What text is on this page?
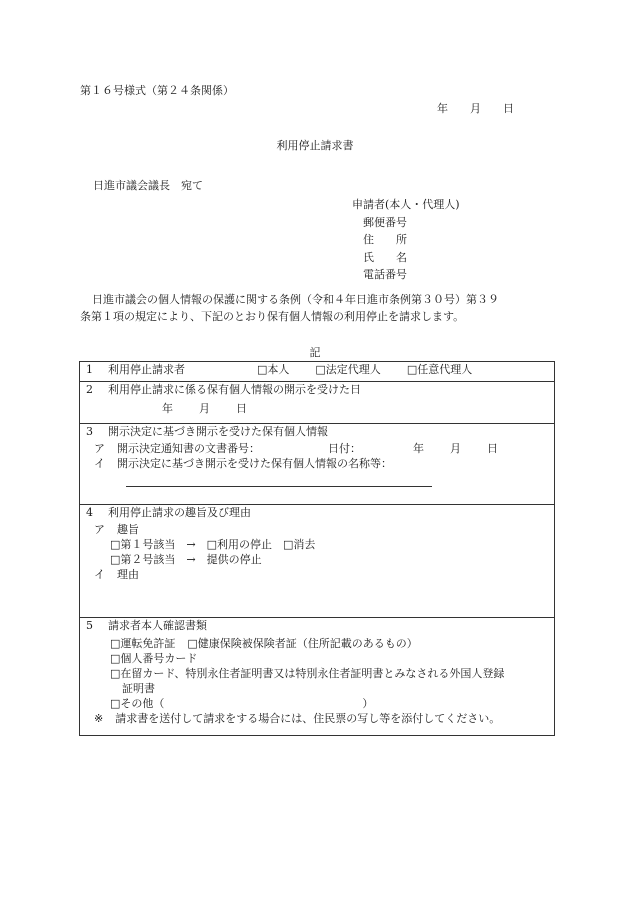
第１６号様式（第２４条関係）
年 月 日
利用停止請求書
日進市議会議長　宛て
申請者(本人・代理人)
郵便番号
住　　所
氏　　名
電話番号

日進市議会の個人情報の保護に関する条例（令和４年日進市条例第３０号）第３９

条第１項の規定により、下記のとおり保有個人情報の利用停止を請求します。
記
1 利用停止請求者	□本人 □法定代理人 □任意代理人

2 利用停止請求に係る保有個人情報の開示を受けた日
年 月 日

3 開示決定に基づき開示を受けた保有個人情報
ア 開示決定通知書の文書番号：	日付：	年 月 日
イ 開示決定に基づき開示を受けた保有個人情報の名称等：

4 利用停止請求の趣旨及び理由
ア 趣旨
□第１号該当　→　□利用の停止　□消去
□第２号該当　→　提供の停止
イ 理由

5 請求者本人確認書類
□運転免許証 □健康保険被保険者証（住所記載のあるもの）
□個人番号カード
□在留カード、特別永住者証明書又は特別永住者証明書とみなされる外国人登録
証明書
□その他（	）
※ 請求書を送付して請求をする場合には、住民票の写し等を添付してください。
